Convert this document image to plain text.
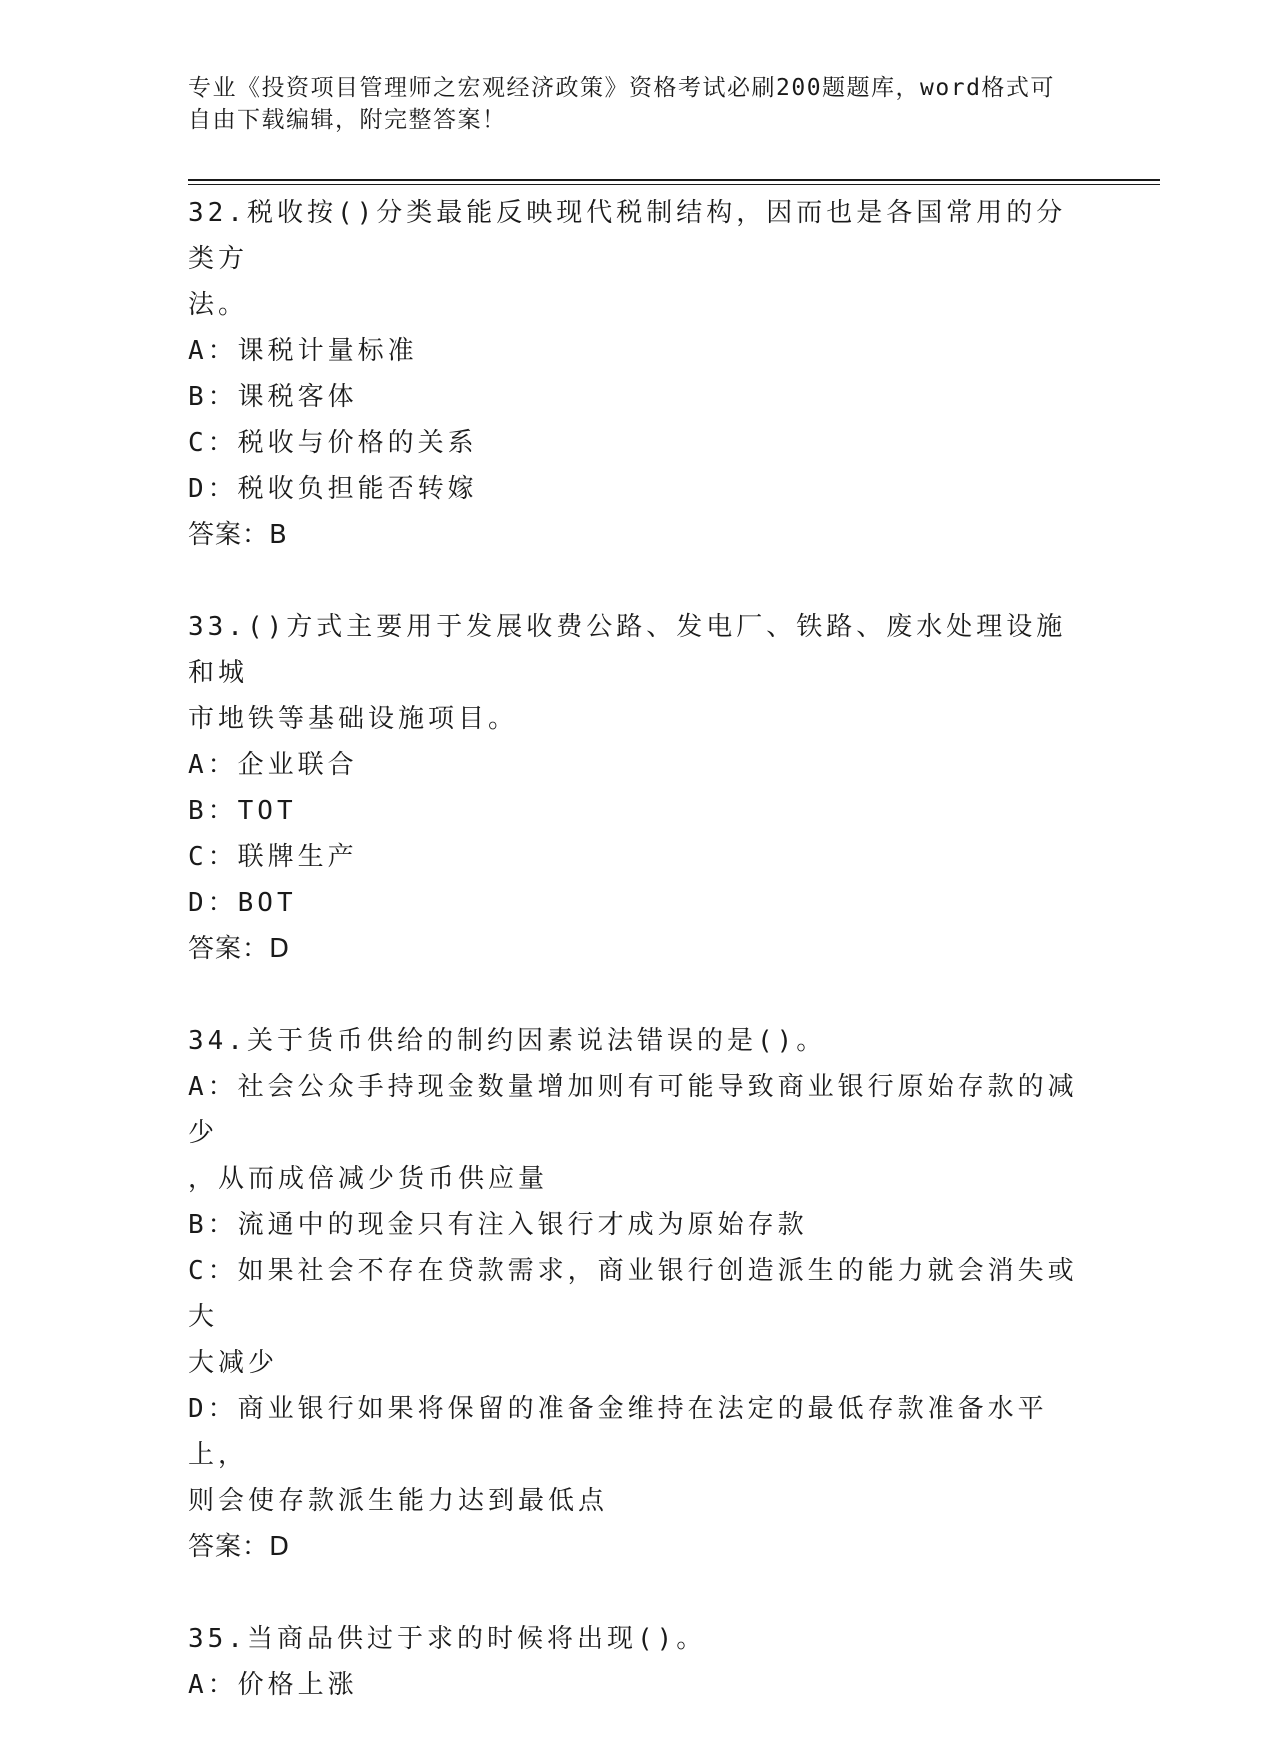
专业《投资项目管理师之宏观经济政策》资格考试必刷200题题库，word格式可
自由下载编辑，附完整答案！
32.税收按()分类最能反映现代税制结构，因而也是各国常用的分类方
法。
A：课税计量标准
B：课税客体
C：税收与价格的关系
D：税收负担能否转嫁
答案：B
33.()方式主要用于发展收费公路、发电厂、铁路、废水处理设施和城
市地铁等基础设施项目。
A：企业联合
B：TOT
C：联牌生产
D：BOT
答案：D
34.关于货币供给的制约因素说法错误的是()。
A：社会公众手持现金数量增加则有可能导致商业银行原始存款的减少
，从而成倍减少货币供应量
B：流通中的现金只有注入银行才成为原始存款
C：如果社会不存在贷款需求，商业银行创造派生的能力就会消失或大
大减少
D：商业银行如果将保留的准备金维持在法定的最低存款准备水平上，
则会使存款派生能力达到最低点
答案：D
35.当商品供过于求的时候将出现()。
A：价格上涨
